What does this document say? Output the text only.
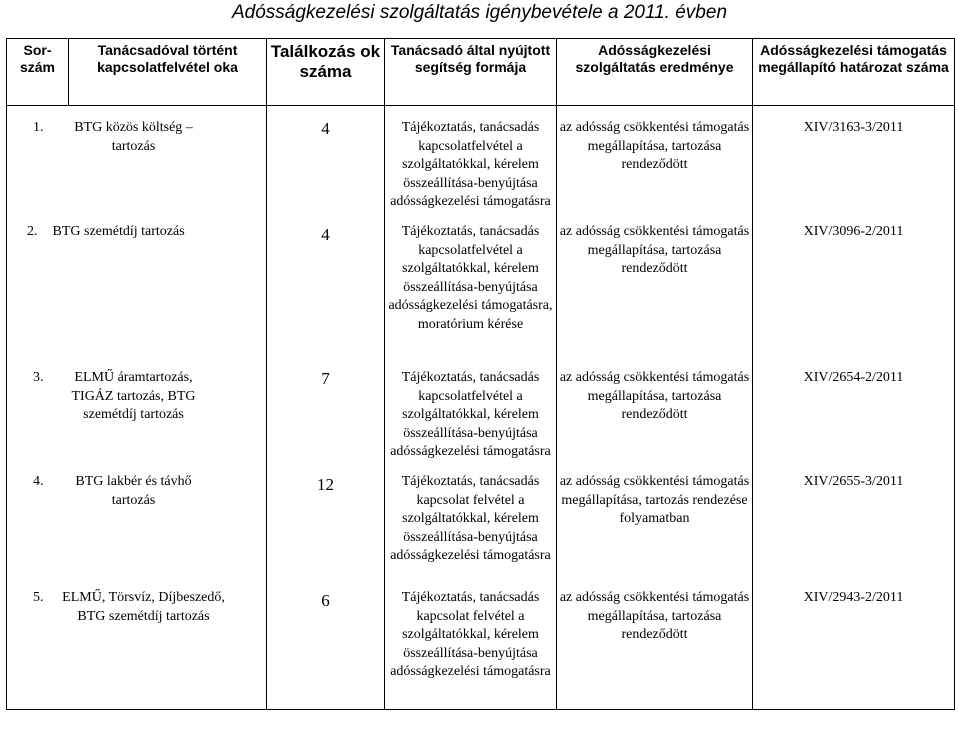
Adósságkezelési szolgáltatás igénybevétele a 2011. évben
Sor-szám	Tanácsadóval történt kapcsolatfelvétel oka	Találkozás ok száma	Tanácsadó által nyújtott segítség formája	Adósságkezelési szolgáltatás eredménye	Adósságkezelési támogatás megállapító határozat száma
1. BTG közös költség – tartozás		4	Tájékoztatás, tanácsadás kapcsolatfelvétel a szolgáltatókkal, kérelem összeállítása-benyújtása adósságkezelési támogatásra	az adósság csökkentési támogatás megállapítása, tartozása rendeződött	XIV/3163-3/2011
2. BTG szemétdíj tartozás		4	Tájékoztatás, tanácsadás kapcsolatfelvétel a szolgáltatókkal, kérelem összeállítása-benyújtása adósságkezelési támogatásra, moratórium kérése	az adósság csökkentési támogatás megállapítása, tartozása rendeződött	XIV/3096-2/2011
3. ELMŰ áramtartozás, TIGÁZ tartozás, BTG szemétdíj tartozás		7	Tájékoztatás, tanácsadás kapcsolatfelvétel a szolgáltatókkal, kérelem összeállítása-benyújtása adósságkezelési támogatásra	az adósság csökkentési támogatás megállapítása, tartozása rendeződött	XIV/2654-2/2011
4. BTG lakbér és távhő tartozás		12	Tájékoztatás, tanácsadás kapcsolat felvétel a szolgáltatókkal, kérelem összeállítása-benyújtása adósságkezelési támogatásra	az adósság csökkentési támogatás megállapítása, tartozás rendezése folyamatban	XIV/2655-3/2011
5. ELMŰ, Törsvíz, Díjbeszedő, BTG szemétdíj tartozás		6	Tájékoztatás, tanácsadás kapcsolat felvétel a szolgáltatókkal, kérelem összeállítása-benyújtása adósságkezelési támogatásra	az adósság csökkentési támogatás megállapítása, tartozása rendeződött	XIV/2943-2/2011
